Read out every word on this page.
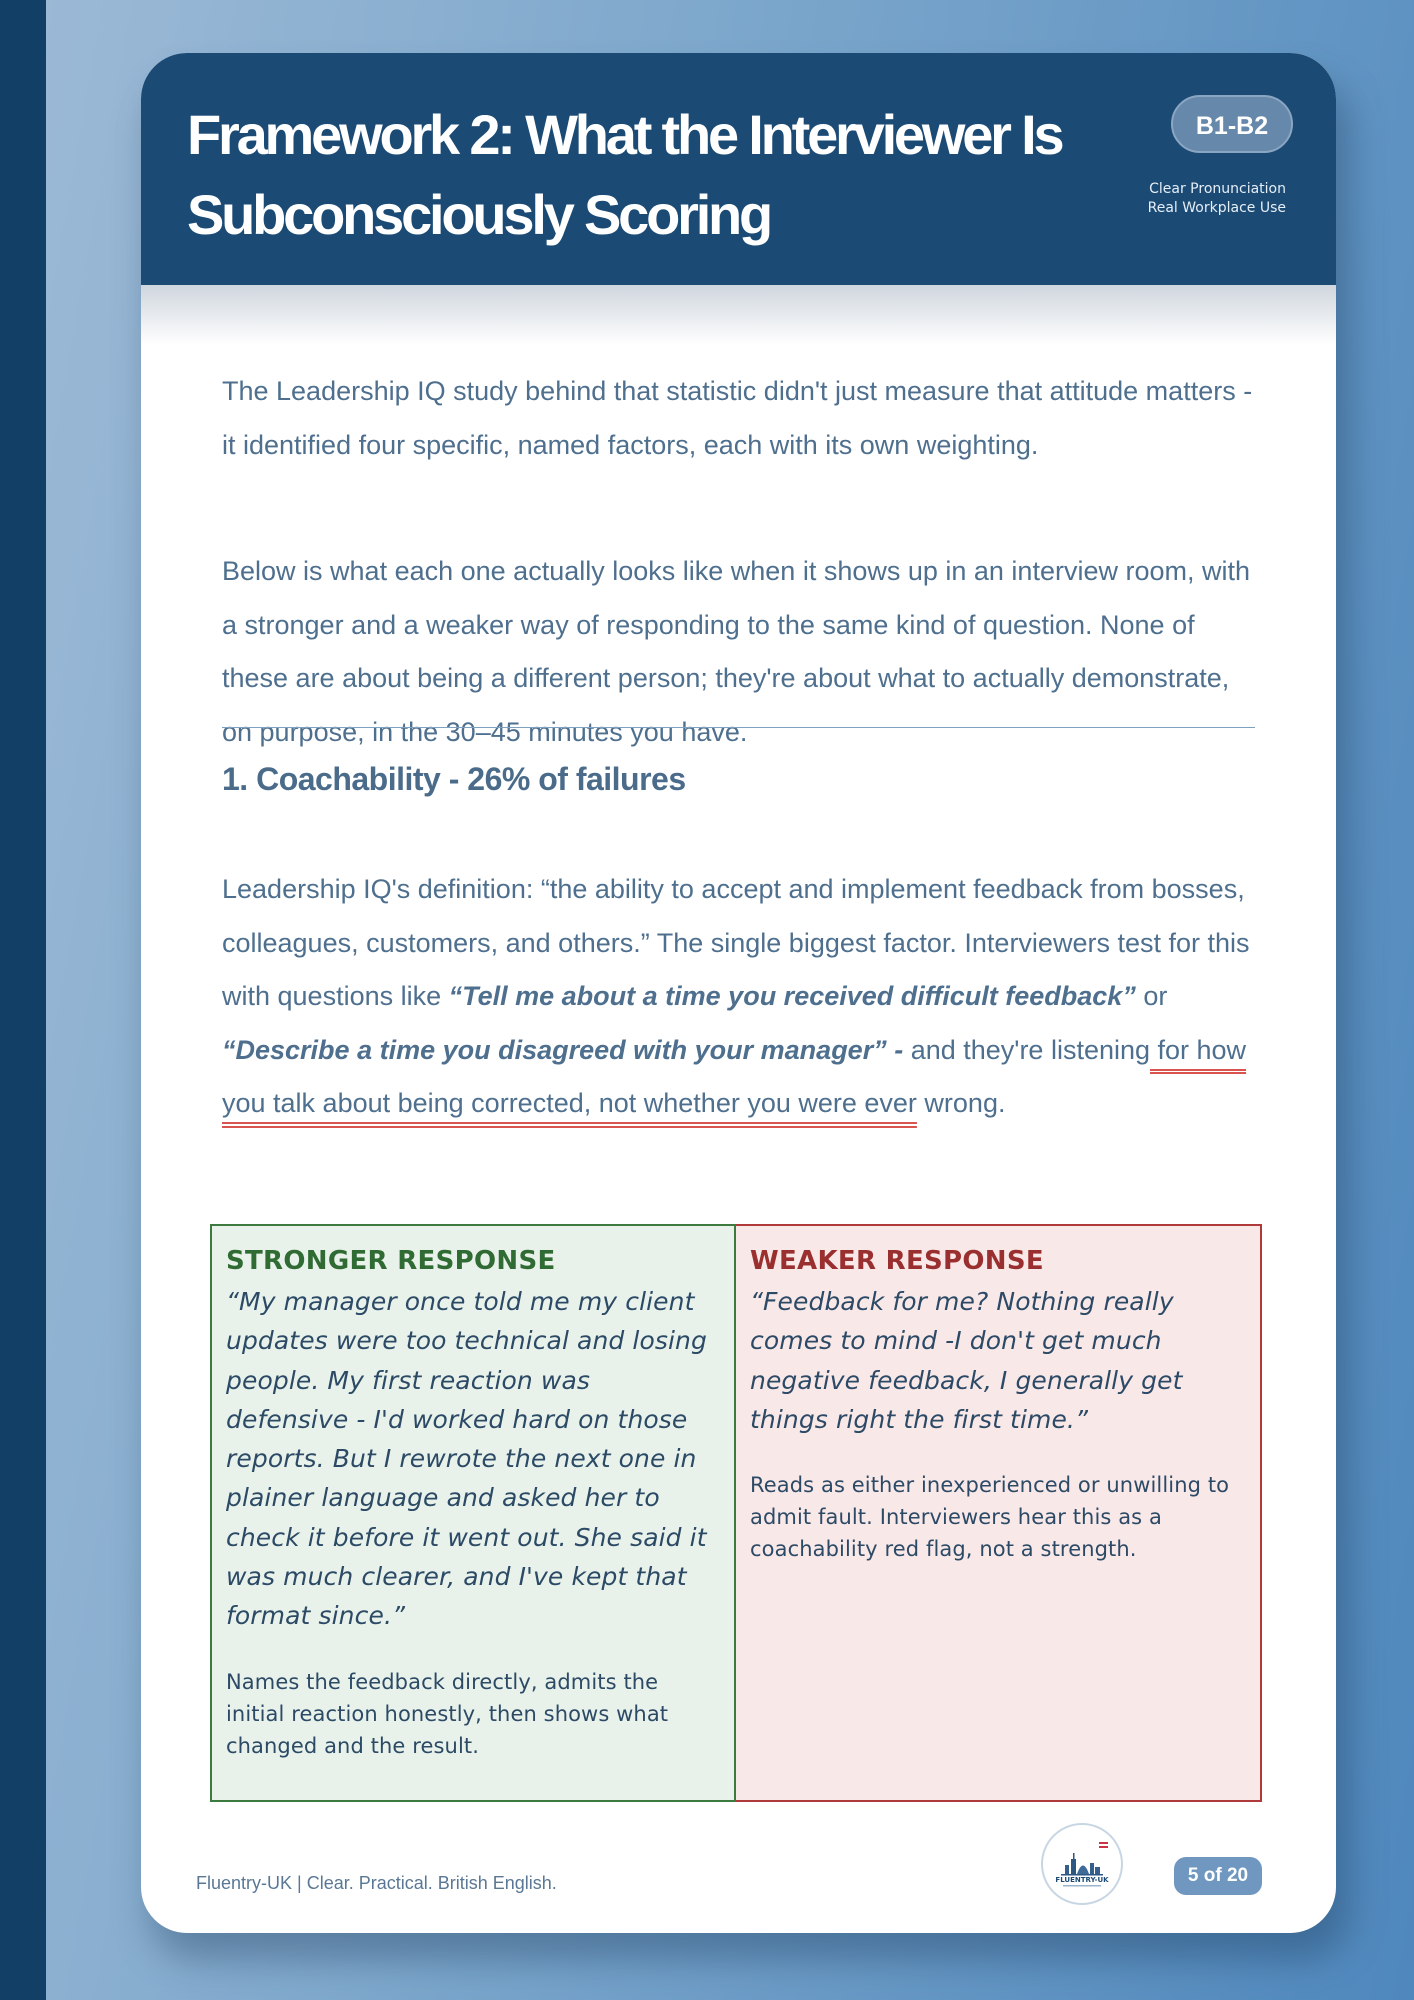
Framework 2: What the Interviewer Is Subconsciously Scoring
B1-B2
Clear Pronunciation
Real Workplace Use

The Leadership IQ study behind that statistic didn't just measure that attitude matters - it identified four specific, named factors, each with its own weighting.

Below is what each one actually looks like when it shows up in an interview room, with a stronger and a weaker way of responding to the same kind of question. None of these are about being a different person; they're about what to actually demonstrate, on purpose, in the 30–45 minutes you have.

1. Coachability - 26% of failures

Leadership IQ's definition: “the ability to accept and implement feedback from bosses, colleagues, customers, and others.” The single biggest factor. Interviewers test for this with questions like “Tell me about a time you received difficult feedback” or “Describe a time you disagreed with your manager” - and they're listening for how you talk about being corrected, not whether you were ever wrong.

STRONGER RESPONSE

“My manager once told me my client updates were too technical and losing people. My first reaction was defensive - I'd worked hard on those reports. But I rewrote the next one in plainer language and asked her to check it before it went out. She said it was much clearer, and I've kept that format since.”

Names the feedback directly, admits the initial reaction honestly, then shows what changed and the result.

WEAKER RESPONSE

“Feedback for me? Nothing really comes to mind -I don't get much negative feedback, I generally get things right the first time.”

Reads as either inexperienced or unwilling to admit fault. Interviewers hear this as a coachability red flag, not a strength.

Fluentry-UK | Clear. Practical. British English.	FLUENTRY-UK	5 of 20
